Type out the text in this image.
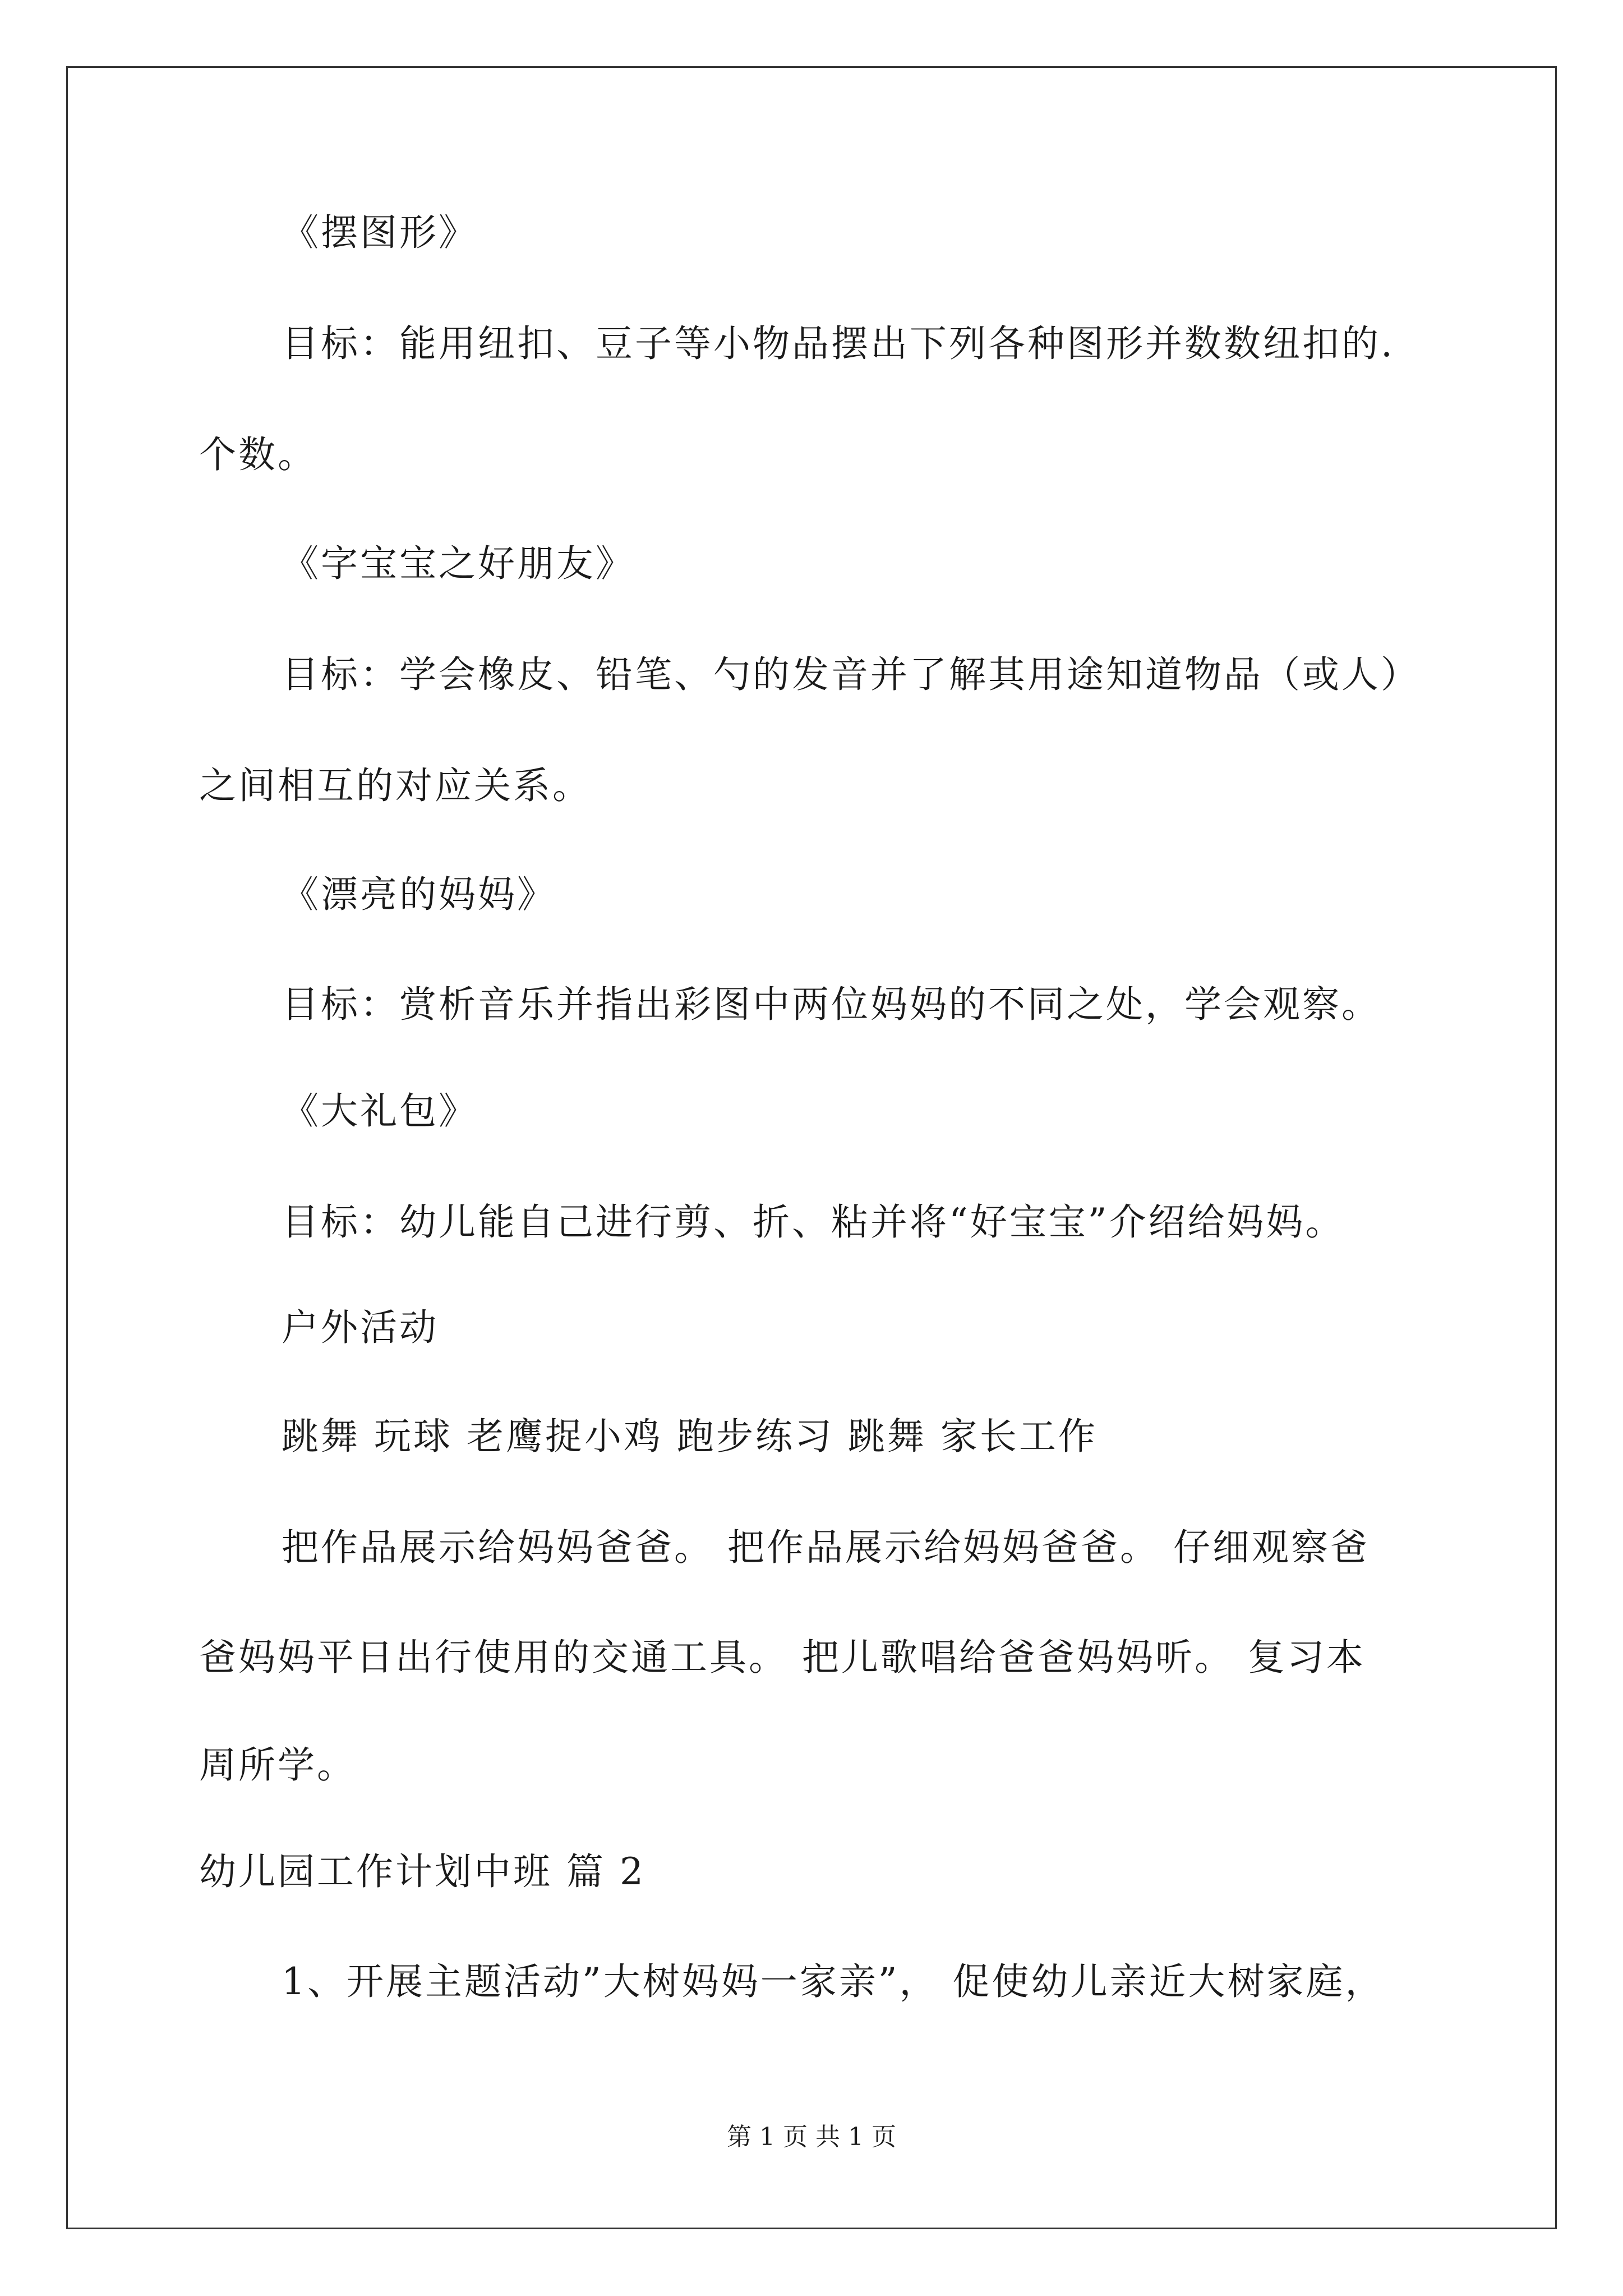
《摆图形》
目标：能用纽扣、豆子等小物品摆出下列各种图形并数数纽扣的.
个数。
《字宝宝之好朋友》
目标：学会橡皮、铅笔、勺的发音并了解其用途知道物品（或人）
之间相互的对应关系。
《漂亮的妈妈》
目标：赏析音乐并指出彩图中两位妈妈的不同之处，学会观察。
《大礼包》
目标：幼儿能自己进行剪、折、粘并将“好宝宝”介绍给妈妈。
户外活动
跳舞 玩球 老鹰捉小鸡 跑步练习 跳舞 家长工作
把作品展示给妈妈爸爸。 把作品展示给妈妈爸爸。 仔细观察爸
爸妈妈平日出行使用的交通工具。 把儿歌唱给爸爸妈妈听。 复习本
周所学。
幼儿园工作计划中班 篇 2
1、开展主题活动”大树妈妈一家亲”， 促使幼儿亲近大树家庭，
第 1 页 共 1 页
